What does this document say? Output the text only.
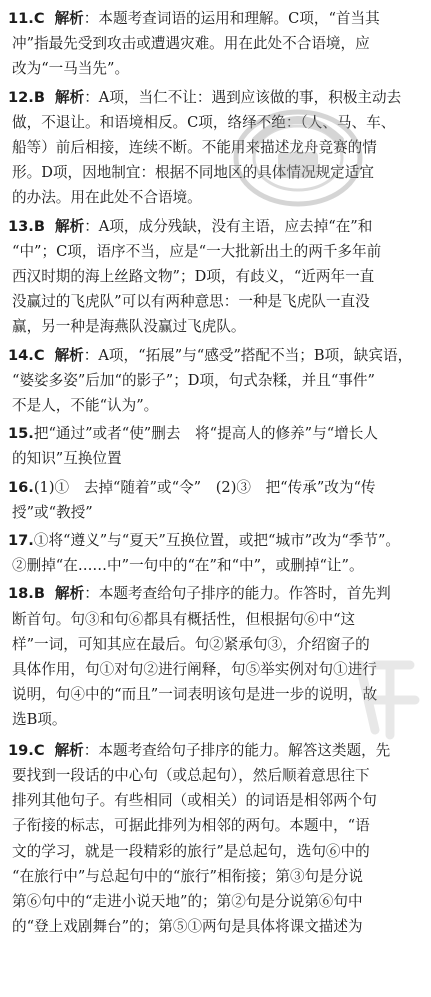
11.C 解析：本题考查词语的运用和理解。C项，“首当其

冲”指最先受到攻击或遭遇灾难。用在此处不合语境，应

改为“一马当先”。

12.B 解析：A项，当仁不让：遇到应该做的事，积极主动去

做，不退让。和语境相反。C项，络绎不绝：（人、马、车、

船等）前后相接，连续不断。不能用来描述龙舟竞赛的情

形。D项，因地制宜：根据不同地区的具体情况规定适宜

的办法。用在此处不合语境。

13.B 解析：A项，成分残缺，没有主语，应去掉“在”和

“中”；C项，语序不当，应是“一大批新出土的两千多年前

西汉时期的海上丝路文物”；D项，有歧义，“近两年一直

没赢过的飞虎队”可以有两种意思：一种是飞虎队一直没

赢，另一种是海燕队没赢过飞虎队。

14.C 解析：A项，“拓展”与“感受”搭配不当；B项，缺宾语，

“婆娑多姿”后加“的影子”；D项，句式杂糅，并且“事件”

不是人，不能“认为”。

15.把“通过”或者“使”删去　将“提高人的修养”与“增长人

的知识”互换位置

16.(1)①　去掉“随着”或“令”　(2)③　把“传承”改为“传

授”或“教授”

17.①将“遵义”与“夏天”互换位置，或把“城市”改为“季节”。

②删掉“在……中”一句中的“在”和“中”，或删掉“让”。

18.B 解析：本题考查给句子排序的能力。作答时，首先判

断首句。句③和句⑥都具有概括性，但根据句⑥中“这

样”一词，可知其应在最后。句②紧承句③，介绍窗子的

具体作用，句①对句②进行阐释，句⑤举实例对句①进行

说明，句④中的“而且”一词表明该句是进一步的说明，故

选B项。

19.C 解析：本题考查给句子排序的能力。解答这类题，先

要找到一段话的中心句（或总起句），然后顺着意思往下

排列其他句子。有些相同（或相关）的词语是相邻两个句

子衔接的标志，可据此排列为相邻的两句。本题中，“语

文的学习，就是一段精彩的旅行”是总起句，选句⑥中的

“在旅行中”与总起句中的“旅行”相衔接；第③句是分说

第⑥句中的“走进小说天地”的；第②句是分说第⑥句中

的“登上戏剧舞台”的；第⑤①两句是具体将课文描述为
